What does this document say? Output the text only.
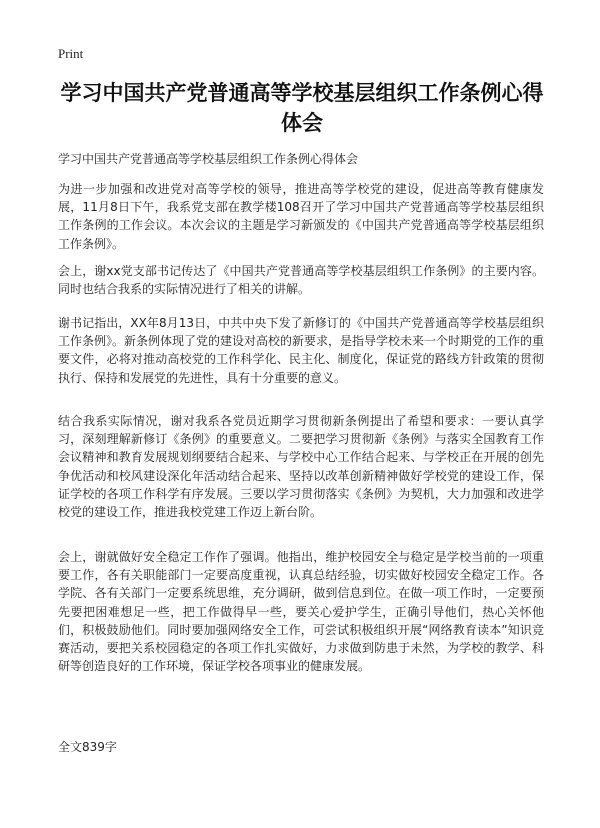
Print
学习中国共产党普通高等学校基层组织工作条例心得体会
学习中国共产党普通高等学校基层组织工作条例心得体会

为进一步加强和改进党对高等学校的领导，推进高等学校党的建设，促进高等教育健康发展，11月8日下午，我系党支部在教学楼108召开了学习中国共产党普通高等学校基层组织工作条例的工作会议。本次会议的主题是学习新颁发的《中国共产党普通高等学校基层组织工作条例》。

会上，谢xx党支部书记传达了《中国共产党普通高等学校基层组织工作条例》的主要内容。同时也结合我系的实际情况进行了相关的讲解。

谢书记指出，XX年8月13日，中共中央下发了新修订的《中国共产党普通高等学校基层组织工作条例》。新条例体现了党的建设对高校的新要求，是指导学校未来一个时期党的工作的重要文件，必将对推动高校党的工作科学化、民主化、制度化，保证党的路线方针政策的贯彻执行、保持和发展党的先进性，具有十分重要的意义。

结合我系实际情况，谢对我系各党员近期学习贯彻新条例提出了希望和要求：一要认真学习，深刻理解新修订《条例》的重要意义。二要把学习贯彻新《条例》与落实全国教育工作会议精神和教育发展规划纲要结合起来、与学校中心工作结合起来、与学校正在开展的创先争优活动和校风建设深化年活动结合起来、坚持以改革创新精神做好学校党的建设工作，保证学校的各项工作科学有序发展。三要以学习贯彻落实《条例》为契机，大力加强和改进学校党的建设工作，推进我校党建工作迈上新台阶。

会上，谢就做好安全稳定工作作了强调。他指出，维护校园安全与稳定是学校当前的一项重要工作，各有关职能部门一定要高度重视，认真总结经验，切实做好校园安全稳定工作。各学院、各有关部门一定要系统思维，充分调研，做到信息到位。在做一项工作时，一定要预先要把困难想足一些，把工作做得早一些，要关心爱护学生，正确引导他们，热心关怀他们，积极鼓励他们。同时要加强网络安全工作，可尝试积极组织开展“网络教育读本”知识竞赛活动，要把关系校园稳定的各项工作扎实做好，力求做到防患于未然，为学校的教学、科研等创造良好的工作环境，保证学校各项事业的健康发展。

全文839字
